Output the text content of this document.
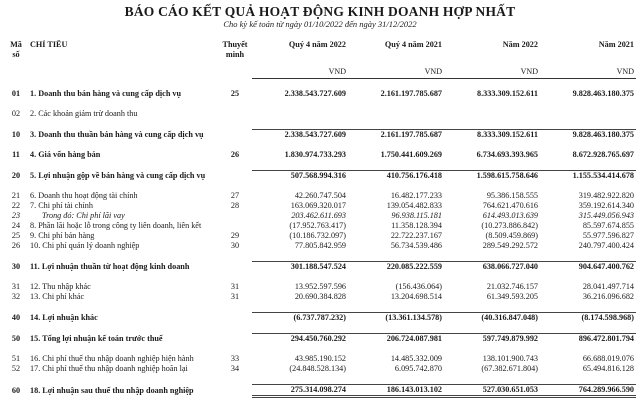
BÁO CÁO KẾT QUẢ HOẠT ĐỘNG KINH DOANH HỢP NHẤT
Cho kỳ kế toán từ ngày 01/10/2022 đến ngày 31/12/2022
Mã số	CHỈ TIÊU	Thuyết minh	Quý 4 năm 2022	Quý 4 năm 2021	Năm 2022	Năm 2021
			VND	VND	VND	VND

01	1. Doanh thu bán hàng và cung cấp dịch vụ	25	2.338.543.727.609	2.161.197.785.687	8.333.309.152.611	9.828.463.180.375

02	2. Các khoản giảm trừ doanh thu					

10	3. Doanh thu thuần bán hàng và cung cấp dịch vụ		2.338.543.727.609	2.161.197.785.687	8.333.309.152.611	9.828.463.180.375

11	4. Giá vốn hàng bán	26	1.830.974.733.293	1.750.441.609.269	6.734.693.393.965	8.672.928.765.697

20	5. Lợi nhuận gộp về bán hàng và cung cấp dịch vụ		507.568.994.316	410.756.176.418	1.598.615.758.646	1.155.534.414.678

21	6. Doanh thu hoạt động tài chính	27	42.260.747.504	16.482.177.233	95.386.158.555	319.482.922.820
22	7. Chi phí tài chính	28	163.069.320.017	139.054.482.833	764.621.470.616	359.192.614.340
23	Trong đó: Chi phí lãi vay		203.462.611.693	96.938.115.181	614.493.013.639	315.449.056.943
24	8. Phần lãi hoặc lỗ trong công ty liên doanh, liên kết		(17.952.763.417)	11.358.128.394	(10.273.886.842)	85.597.674.855
25	9. Chi phí bán hàng	29	(10.186.732.097)	22.722.237.167	(8.509.459.869)	55.977.596.827
26	10. Chi phí quản lý doanh nghiệp	30	77.805.842.959	56.734.539.486	289.549.292.572	240.797.400.424

30	11. Lợi nhuận thuần từ hoạt động kinh doanh		301.188.547.524	220.085.222.559	638.066.727.040	904.647.400.762

31	12. Thu nhập khác	31	13.952.597.596	(156.436.064)	21.032.746.157	28.041.497.714
32	13. Chi phí khác	31	20.690.384.828	13.204.698.514	61.349.593.205	36.216.096.682

40	14. Lợi nhuận khác		(6.737.787.232)	(13.361.134.578)	(40.316.847.048)	(8.174.598.968)

50	15. Tổng lợi nhuận kế toán trước thuế		294.450.760.292	206.724.087.981	597.749.879.992	896.472.801.794

51	16. Chi phí thuế thu nhập doanh nghiệp hiện hành	33	43.985.190.152	14.485.332.009	138.101.900.743	66.688.019.076
52	17. Chi phí thuế thu nhập doanh nghiệp hoãn lại	34	(24.848.528.134)	6.095.742.870	(67.382.671.804)	65.494.816.128

60	18. Lợi nhuận sau thuế thu nhập doanh nghiệp		275.314.098.274	186.143.013.102	527.030.651.053	764.289.966.590
